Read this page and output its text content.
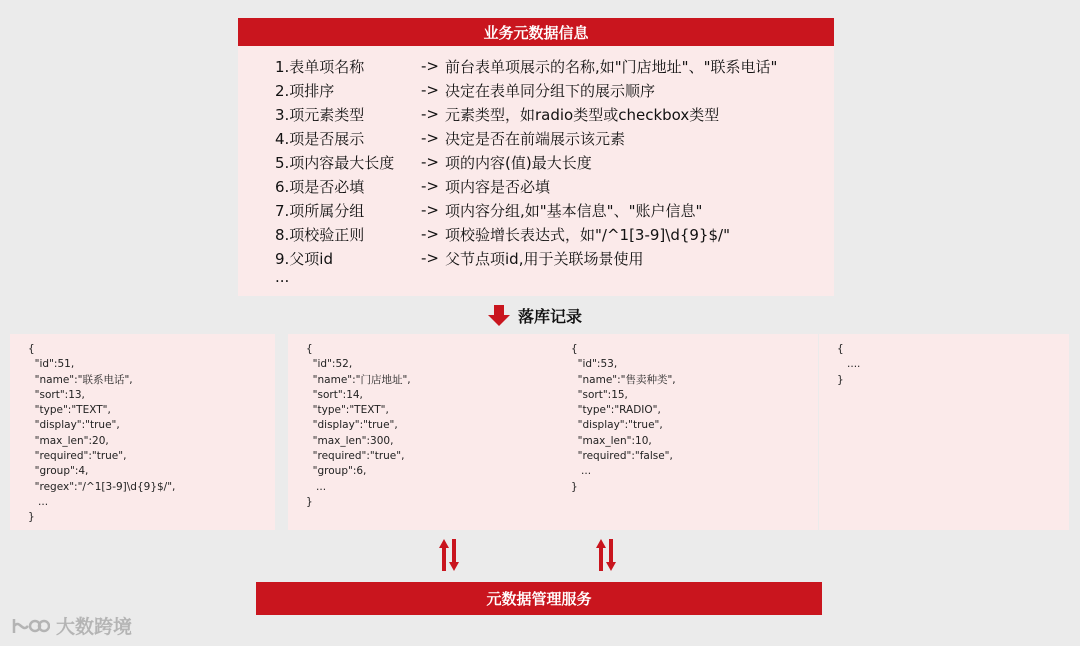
业务元数据信息
1.表单项名称	-> 前台表单项展示的名称,如"门店地址"、"联系电话"
2.项排序	-> 决定在表单同分组下的展示顺序
3.项元素类型	-> 元素类型，如radio类型或checkbox类型
4.项是否展示	-> 决定是否在前端展示该元素
5.项内容最大长度	-> 项的内容(值)最大长度
6.项是否必填	-> 项内容是否必填
7.项所属分组	-> 项内容分组,如"基本信息"、"账户信息"
8.项校验正则	-> 项校验增长表达式，如"/^1[3-9]\d{9}$/"
9.父项id	-> 父节点项id,用于关联场景使用
...
落库记录
{
"id":51,
"name":"联系电话",
"sort":13,
"type":"TEXT",
"display":"true",
"max_len":20,
"required":"true",
"group":4,
"regex":"/^1[3-9]\d{9}$/",
...
}
{
"id":52,
"name":"门店地址",
"sort":14,
"type":"TEXT",
"display":"true",
"max_len":300,
"required":"true",
"group":6,
...
}
{
"id":53,
"name":"售卖种类",
"sort":15,
"type":"RADIO",
"display":"true",
"max_len":10,
"required":"false",
...
}
{
....
}
元数据管理服务
大数跨境
